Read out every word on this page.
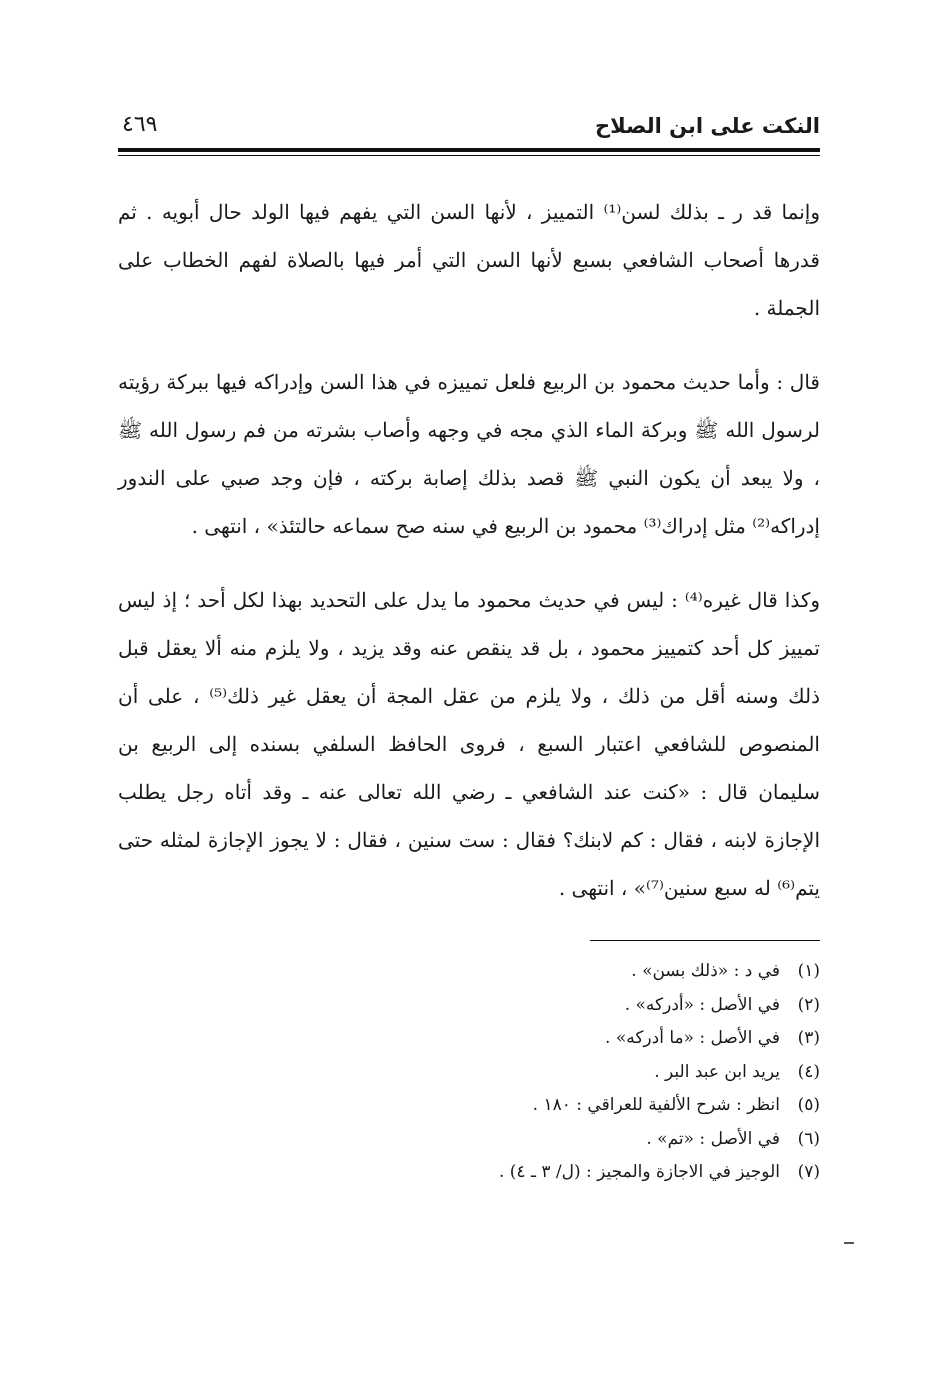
النكت على ابن الصلاح
٤٦٩

وإنما قد ر ـ بذلك لسن⁽¹⁾ التمييز ، لأنها السن التي يفهم فيها الولد حال أبويه . ثم قدرها أصحاب الشافعي بسبع لأنها السن التي أمر فيها بالصلاة لفهم الخطاب على الجملة .

قال : وأما حديث محمود بن الربيع فلعل تمييزه في هذا السن وإدراكه فيها ببركة رؤيته لرسول الله ﷺ وبركة الماء الذي مجه في وجهه وأصاب بشرته من فم رسول الله ﷺ ، ولا يبعد أن يكون النبي ﷺ قصد بذلك إصابة بركته ، فإن وجد صبي على الندور إدراكه⁽²⁾ مثل إدراك⁽³⁾ محمود بن الربيع في سنه صح سماعه حالتئذ» ، انتهى .

وكذا قال غيره⁽⁴⁾ : ليس في حديث محمود ما يدل على التحديد بهذا لكل أحد ؛ إذ ليس تمييز كل أحد كتمييز محمود ، بل قد ينقص عنه وقد يزيد ، ولا يلزم منه ألا يعقل قبل ذلك وسنه أقل من ذلك ، ولا يلزم من عقل المجة أن يعقل غير ذلك⁽⁵⁾ ، على أن المنصوص للشافعي اعتبار السبع ، فروى الحافظ السلفي بسنده إلى الربيع بن سليمان قال : «كنت عند الشافعي ـ رضي الله تعالى عنه ـ وقد أتاه رجل يطلب الإجازة لابنه ، فقال : كم لابنك؟ فقال : ست سنين ، فقال : لا يجوز الإجازة لمثله حتى يتم⁽⁶⁾ له سبع سنين⁽⁷⁾» ، انتهى .

(١)في د : «ذلك بسن» .
(٢)في الأصل : «أدركه» .
(٣)في الأصل : «ما أدركه» .
(٤)يريد ابن عبد البر .
(٥)انظر : شرح الألفية للعراقي : ١٨٠ .
(٦)في الأصل : «تم» .
(٧)الوجيز في الاجازة والمجيز : (ل/ ٣ ـ ٤) .
